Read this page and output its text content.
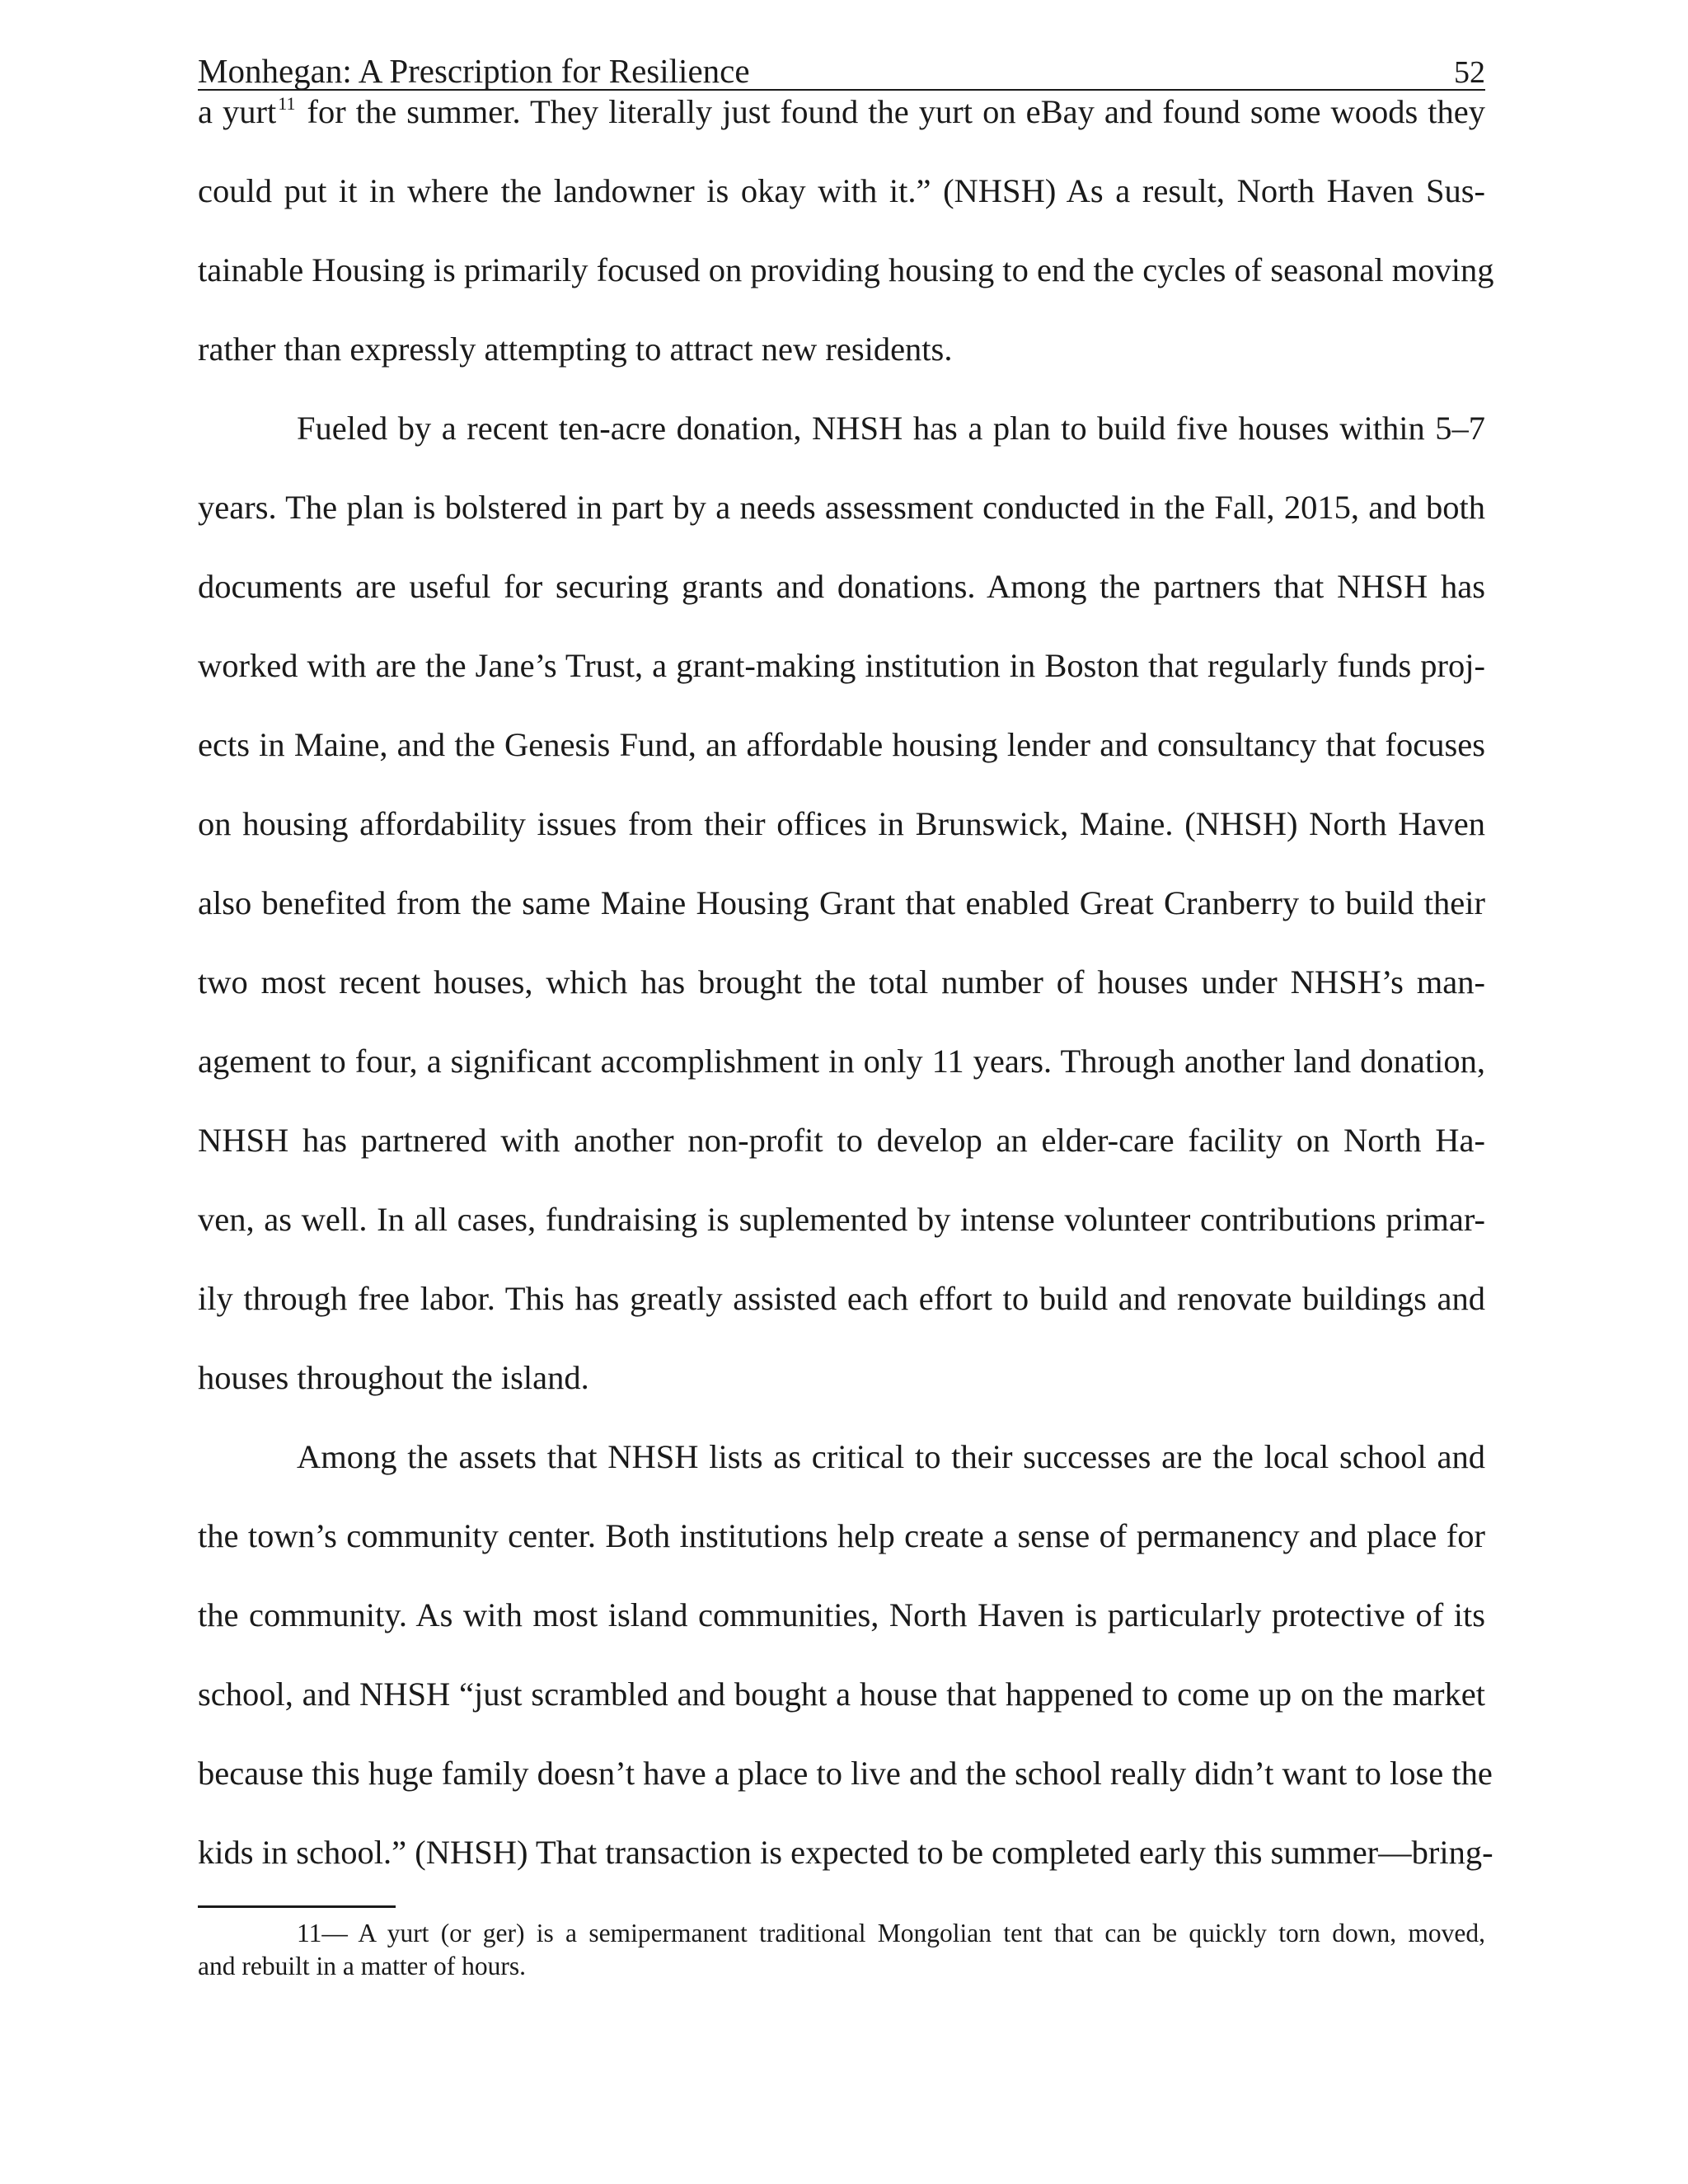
Monhegan: A Prescription for Resilience	52
a yurt$^{11}$ for the summer. They literally just found the yurt on eBay and found some woods they
could put it in where the landowner is okay with it.” (NHSH) As a result, North Haven Sus-
tainable Housing is primarily focused on providing housing to end the cycles of seasonal moving
rather than expressly attempting to attract new residents.
Fueled by a recent ten-acre donation, NHSH has a plan to build five houses within 5–7
years. The plan is bolstered in part by a needs assessment conducted in the Fall, 2015, and both
documents are useful for securing grants and donations. Among the partners that NHSH has
worked with are the Jane’s Trust, a grant-making institution in Boston that regularly funds proj-
ects in Maine, and the Genesis Fund, an affordable housing lender and consultancy that focuses
on housing affordability issues from their offices in Brunswick, Maine. (NHSH) North Haven
also benefited from the same Maine Housing Grant that enabled Great Cranberry to build their
two most recent houses, which has brought the total number of houses under NHSH’s man-
agement to four, a significant accomplishment in only 11 years. Through another land donation,
NHSH has partnered with another non-profit to develop an elder-care facility on North Ha-
ven, as well. In all cases, fundraising is suplemented by intense volunteer contributions primar-
ily through free labor. This has greatly assisted each effort to build and renovate buildings and
houses throughout the island.
Among the assets that NHSH lists as critical to their successes are the local school and
the town’s community center. Both institutions help create a sense of permanency and place for
the community. As with most island communities, North Haven is particularly protective of its
school, and NHSH “just scrambled and bought a house that happened to come up on the market
because this huge family doesn’t have a place to live and the school really didn’t want to lose the
kids in school.” (NHSH) That transaction is expected to be completed early this summer—bring-
11— A yurt (or ger) is a semipermanent traditional Mongolian tent that can be quickly torn down, moved,
and rebuilt in a matter of hours.
